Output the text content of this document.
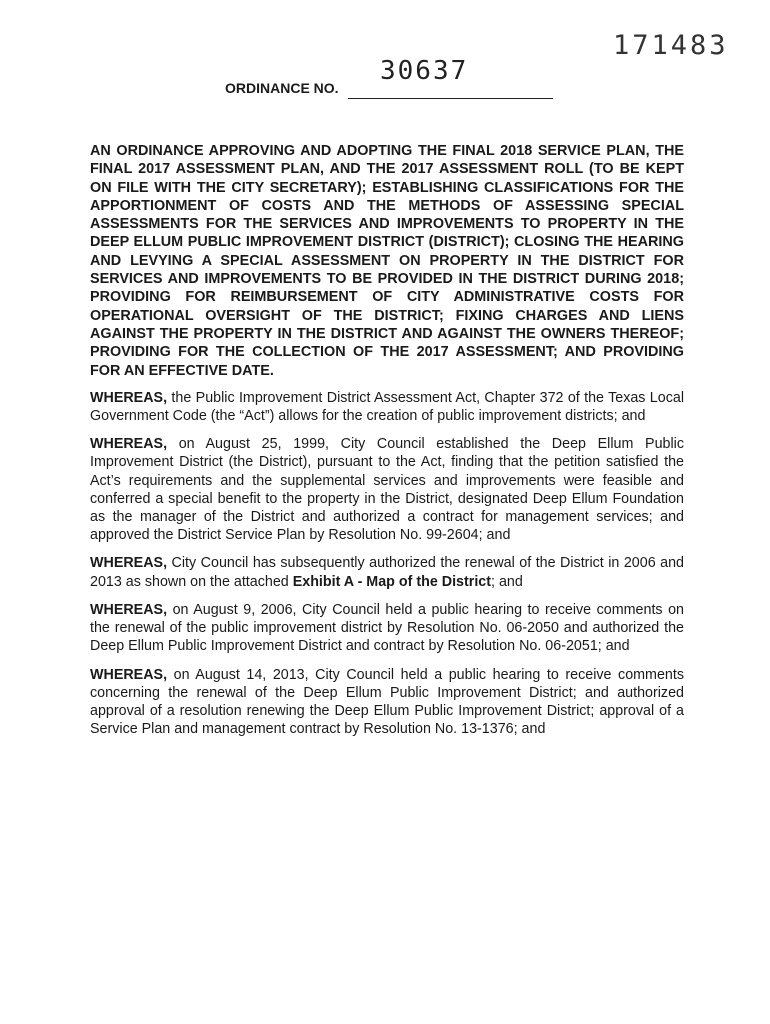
171483
30637
ORDINANCE NO.

AN ORDINANCE APPROVING AND ADOPTING THE FINAL 2018 SERVICE PLAN, THE FINAL 2017 ASSESSMENT PLAN, AND THE 2017 ASSESSMENT ROLL (TO BE KEPT ON FILE WITH THE CITY SECRETARY); ESTABLISHING CLASSIFICATIONS FOR THE APPORTIONMENT OF COSTS AND THE METHODS OF ASSESSING SPECIAL ASSESSMENTS FOR THE SERVICES AND IMPROVEMENTS TO PROPERTY IN THE DEEP ELLUM PUBLIC IMPROVEMENT DISTRICT (DISTRICT); CLOSING THE HEARING AND LEVYING A SPECIAL ASSESSMENT ON PROPERTY IN THE DISTRICT FOR SERVICES AND IMPROVEMENTS TO BE PROVIDED IN THE DISTRICT DURING 2018; PROVIDING FOR REIMBURSEMENT OF CITY ADMINISTRATIVE COSTS FOR OPERATIONAL OVERSIGHT OF THE DISTRICT; FIXING CHARGES AND LIENS AGAINST THE PROPERTY IN THE DISTRICT AND AGAINST THE OWNERS THEREOF; PROVIDING FOR THE COLLECTION OF THE 2017 ASSESSMENT; AND PROVIDING FOR AN EFFECTIVE DATE.

WHEREAS, the Public Improvement District Assessment Act, Chapter 372 of the Texas Local Government Code (the “Act”) allows for the creation of public improvement districts; and

WHEREAS, on August 25, 1999, City Council established the Deep Ellum Public Improvement District (the District), pursuant to the Act, finding that the petition satisfied the Act’s requirements and the supplemental services and improvements were feasible and conferred a special benefit to the property in the District, designated Deep Ellum Foundation as the manager of the District and authorized a contract for management services; and approved the District Service Plan by Resolution No. 99-2604; and

WHEREAS, City Council has subsequently authorized the renewal of the District in 2006 and 2013 as shown on the attached Exhibit A - Map of the District; and

WHEREAS, on August 9, 2006, City Council held a public hearing to receive comments on the renewal of the public improvement district by Resolution No. 06-2050 and authorized the Deep Ellum Public Improvement District and contract by Resolution No. 06-2051; and

WHEREAS, on August 14, 2013, City Council held a public hearing to receive comments concerning the renewal of the Deep Ellum Public Improvement District; and authorized approval of a resolution renewing the Deep Ellum Public Improvement District; approval of a Service Plan and management contract by Resolution No. 13-1376; and
